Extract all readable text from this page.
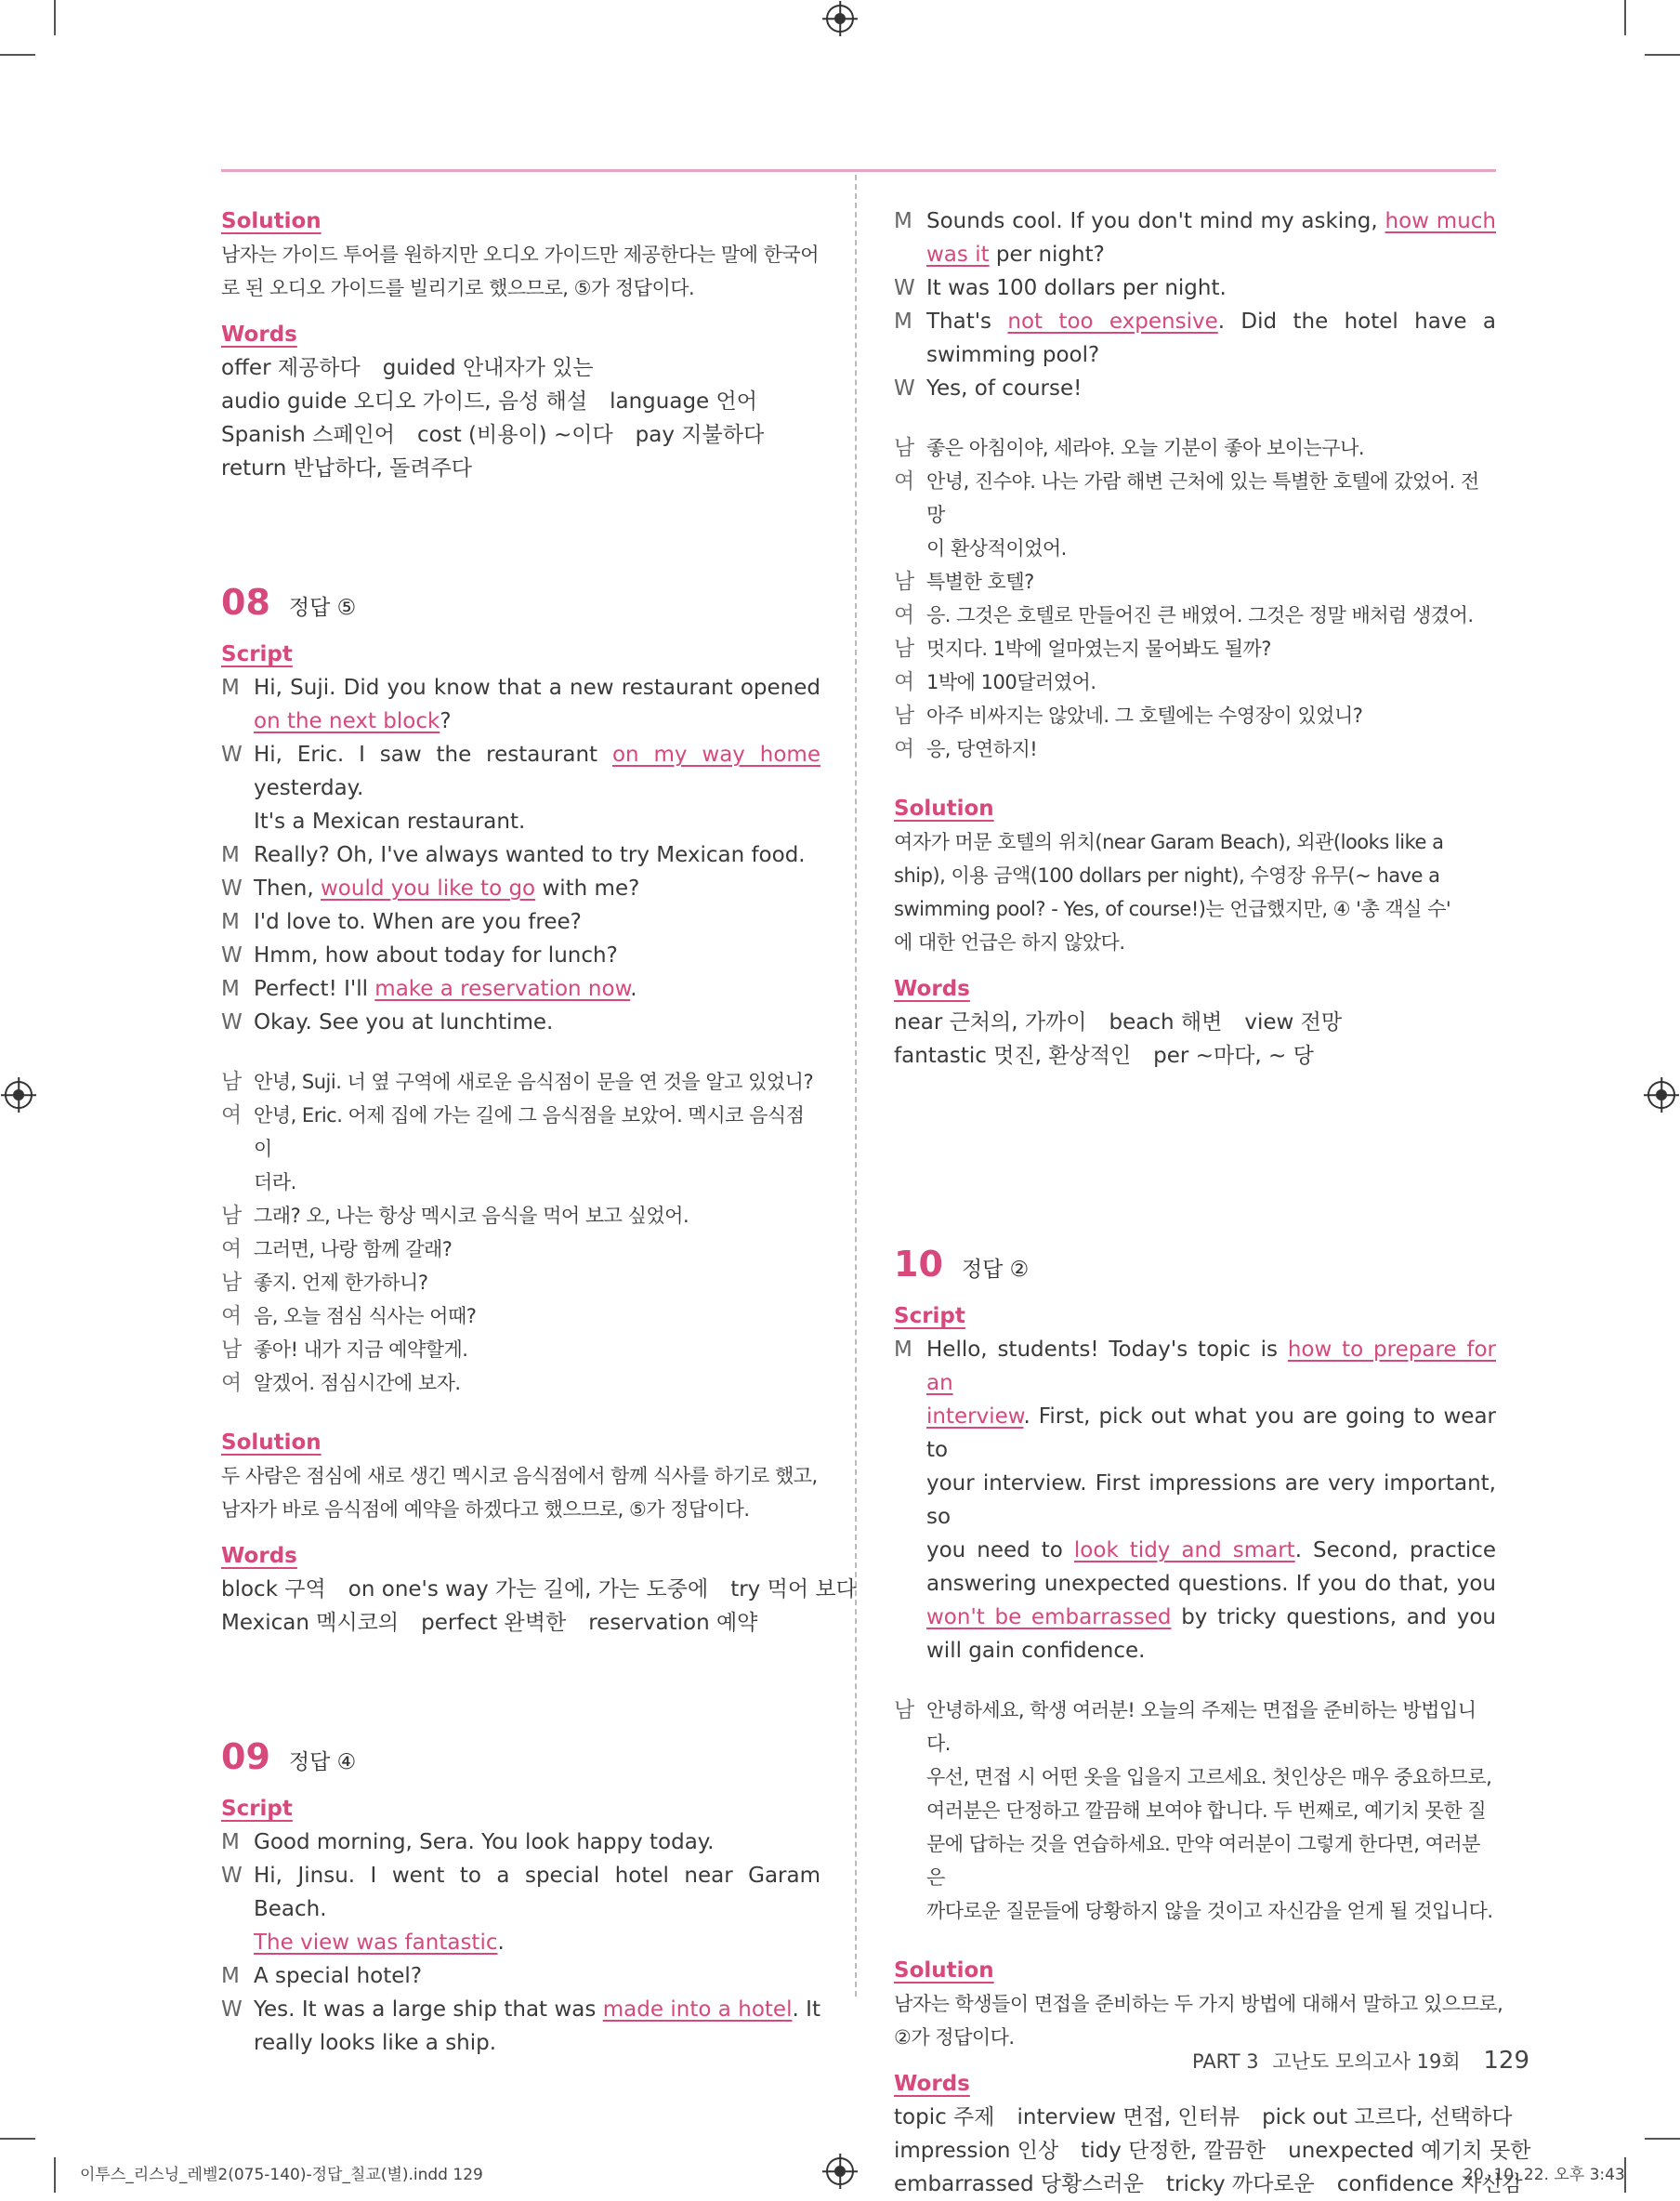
Solution
남자는 가이드 투어를 원하지만 오디오 가이드만 제공한다는 말에 한국어
로 된 오디오 가이드를 빌리기로 했으므로, ⑤가 정답이다.
Words
offer 제공하다 guided 안내자가 있는
audio guide 오디오 가이드, 음성 해설 language 언어
Spanish 스페인어 cost (비용이) ~이다 pay 지불하다
return 반납하다, 돌려주다
08 정답 ⑤
Script
M Hi, Suji. Did you know that a new restaurant opened
on the next block?
W Hi, Eric. I saw the restaurant on my way home yesterday.
It's a Mexican restaurant.
M Really? Oh, I've always wanted to try Mexican food.
W Then, would you like to go with me?
M I'd love to. When are you free?
W Hmm, how about today for lunch?
M Perfect! I'll make a reservation now.
W Okay. See you at lunchtime.
남 안녕, Suji. 너 옆 구역에 새로운 음식점이 문을 연 것을 알고 있었니?
여 안녕, Eric. 어제 집에 가는 길에 그 음식점을 보았어. 멕시코 음식점이
더라.
남 그래? 오, 나는 항상 멕시코 음식을 먹어 보고 싶었어.
여 그러면, 나랑 함께 갈래?
남 좋지. 언제 한가하니?
여 음, 오늘 점심 식사는 어때?
남 좋아! 내가 지금 예약할게.
여 알겠어. 점심시간에 보자.
Solution
두 사람은 점심에 새로 생긴 멕시코 음식점에서 함께 식사를 하기로 했고,
남자가 바로 음식점에 예약을 하겠다고 했으므로, ⑤가 정답이다.
Words
block 구역 on one's way 가는 길에, 가는 도중에 try 먹어 보다
Mexican 멕시코의 perfect 완벽한 reservation 예약
09 정답 ④
Script
M Good morning, Sera. You look happy today.
W Hi, Jinsu. I went to a special hotel near Garam Beach.
The view was fantastic.
M A special hotel?
W Yes. It was a large ship that was made into a hotel. It
really looks like a ship.
M Sounds cool. If you don't mind my asking, how much
was it per night?
W It was 100 dollars per night.
M That's not too expensive. Did the hotel have a
swimming pool?
W Yes, of course!
남 좋은 아침이야, 세라야. 오늘 기분이 좋아 보이는구나.
여 안녕, 진수야. 나는 가람 해변 근처에 있는 특별한 호텔에 갔었어. 전망
이 환상적이었어.
남 특별한 호텔?
여 응. 그것은 호텔로 만들어진 큰 배였어. 그것은 정말 배처럼 생겼어.
남 멋지다. 1박에 얼마였는지 물어봐도 될까?
여 1박에 100달러였어.
남 아주 비싸지는 않았네. 그 호텔에는 수영장이 있었니?
여 응, 당연하지!
Solution
여자가 머문 호텔의 위치(near Garam Beach), 외관(looks like a
ship), 이용 금액(100 dollars per night), 수영장 유무(~ have a
swimming pool? - Yes, of course!)는 언급했지만, ④ '총 객실 수'
에 대한 언급은 하지 않았다.
Words
near 근처의, 가까이 beach 해변 view 전망
fantastic 멋진, 환상적인 per ~마다, ~ 당
10 정답 ②
Script
M Hello, students! Today's topic is how to prepare for an
interview. First, pick out what you are going to wear to
your interview. First impressions are very important, so
you need to look tidy and smart. Second, practice
answering unexpected questions. If you do that, you
won't be embarrassed by tricky questions, and you
will gain confidence.
남 안녕하세요, 학생 여러분! 오늘의 주제는 면접을 준비하는 방법입니다.
우선, 면접 시 어떤 옷을 입을지 고르세요. 첫인상은 매우 중요하므로,
여러분은 단정하고 깔끔해 보여야 합니다. 두 번째로, 예기치 못한 질
문에 답하는 것을 연습하세요. 만약 여러분이 그렇게 한다면, 여러분은
까다로운 질문들에 당황하지 않을 것이고 자신감을 얻게 될 것입니다.
Solution
남자는 학생들이 면접을 준비하는 두 가지 방법에 대해서 말하고 있으므로,
②가 정답이다.
Words
topic 주제 interview 면접, 인터뷰 pick out 고르다, 선택하다
impression 인상 tidy 단정한, 깔끔한 unexpected 예기치 못한
embarrassed 당황스러운 tricky 까다로운 confidence 자신감
PART 3 고난도 모의고사 19회 129
이투스_리스닝_레벨2(075-140)-정답_칠교(별).indd 129	20. 10. 22. 오후 3:43
